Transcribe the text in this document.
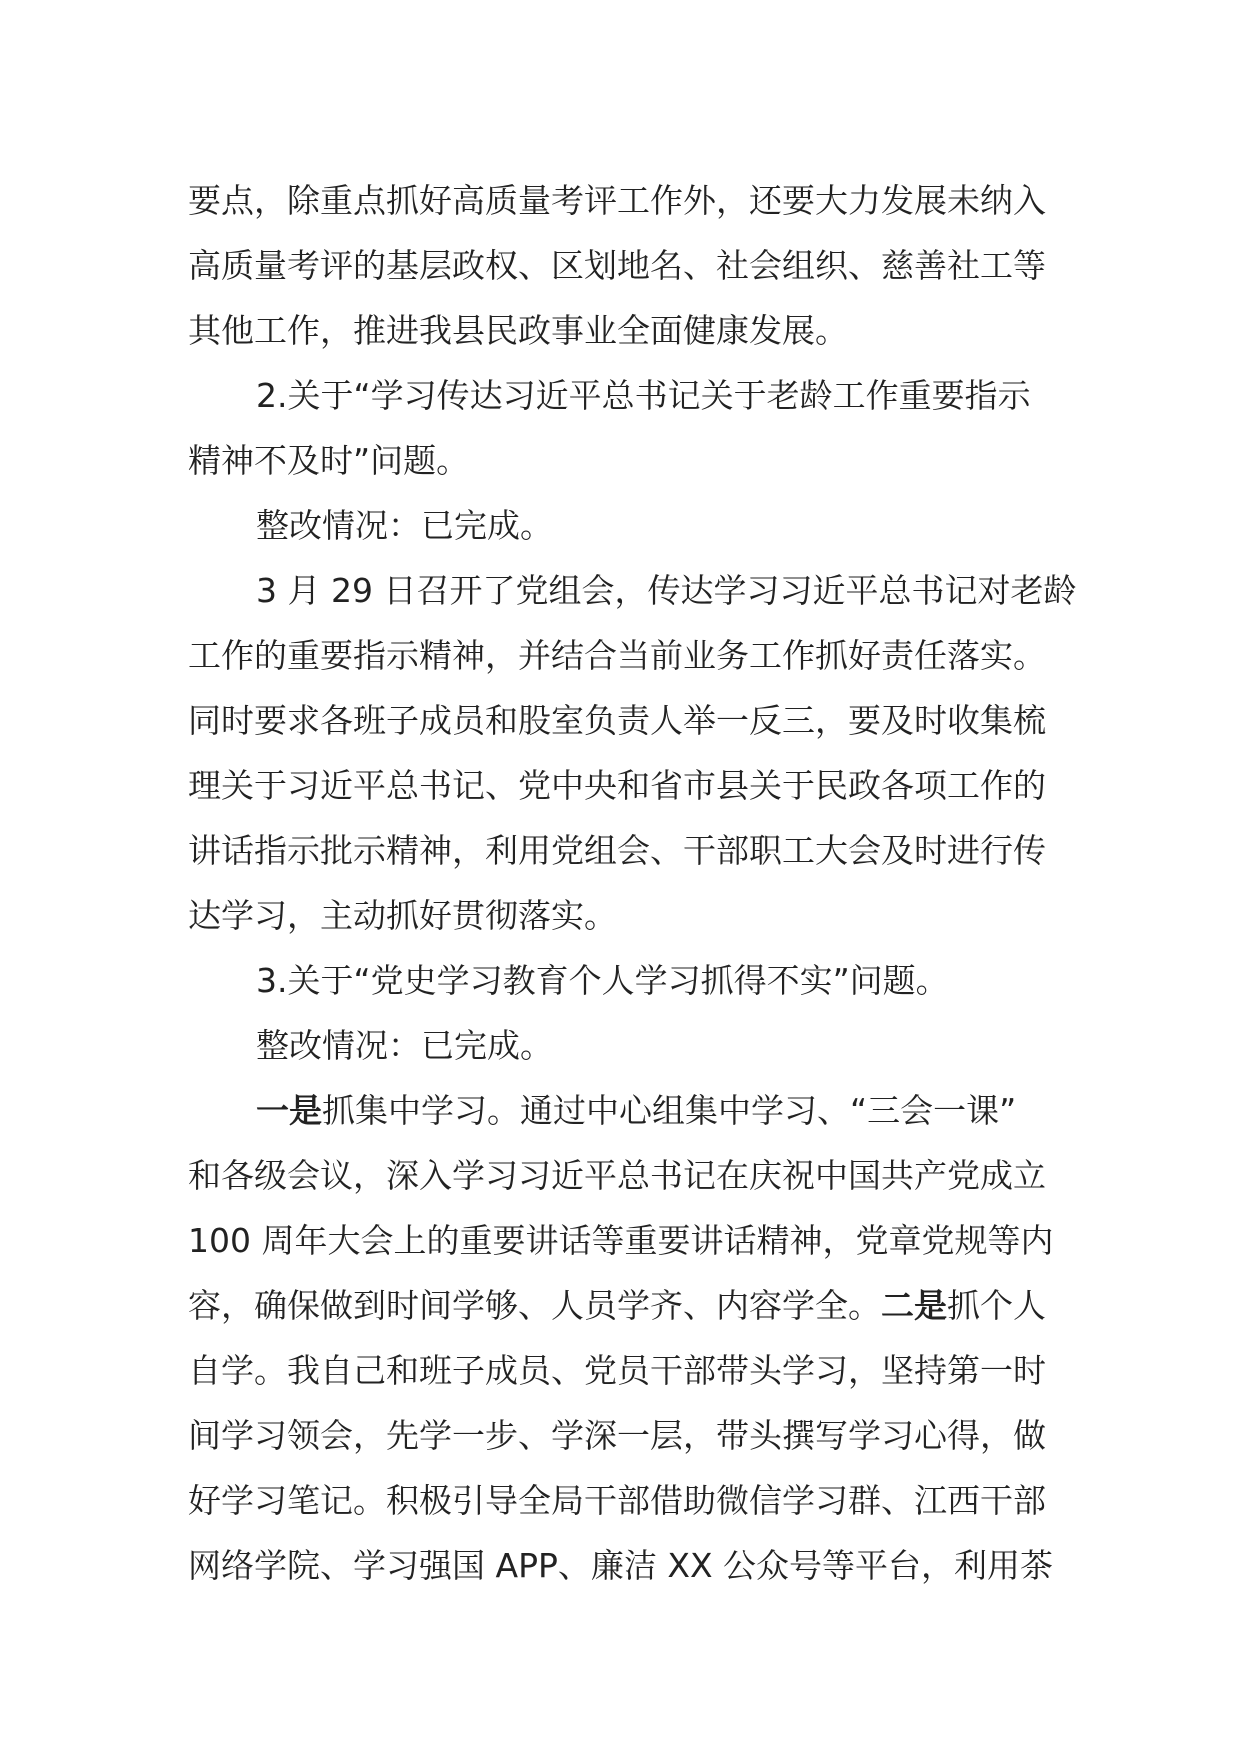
要点，除重点抓好高质量考评工作外，还要大力发展未纳入

高质量考评的基层政权、区划地名、社会组织、慈善社工等

其他工作，推进我县民政事业全面健康发展。

2.关于“学习传达习近平总书记关于老龄工作重要指示

精神不及时”问题。

整改情况：已完成。

3 月 29 日召开了党组会，传达学习习近平总书记对老龄

工作的重要指示精神，并结合当前业务工作抓好责任落实。

同时要求各班子成员和股室负责人举一反三，要及时收集梳

理关于习近平总书记、党中央和省市县关于民政各项工作的

讲话指示批示精神，利用党组会、干部职工大会及时进行传

达学习，主动抓好贯彻落实。

3.关于“党史学习教育个人学习抓得不实”问题。

整改情况：已完成。

一是抓集中学习。通过中心组集中学习、“三会一课”

和各级会议，深入学习习近平总书记在庆祝中国共产党成立

100 周年大会上的重要讲话等重要讲话精神，党章党规等内

容，确保做到时间学够、人员学齐、内容学全。二是抓个人

自学。我自己和班子成员、党员干部带头学习，坚持第一时

间学习领会，先学一步、学深一层，带头撰写学习心得，做

好学习笔记。积极引导全局干部借助微信学习群、江西干部

网络学院、学习强国 APP、廉洁 XX 公众号等平台，利用茶
